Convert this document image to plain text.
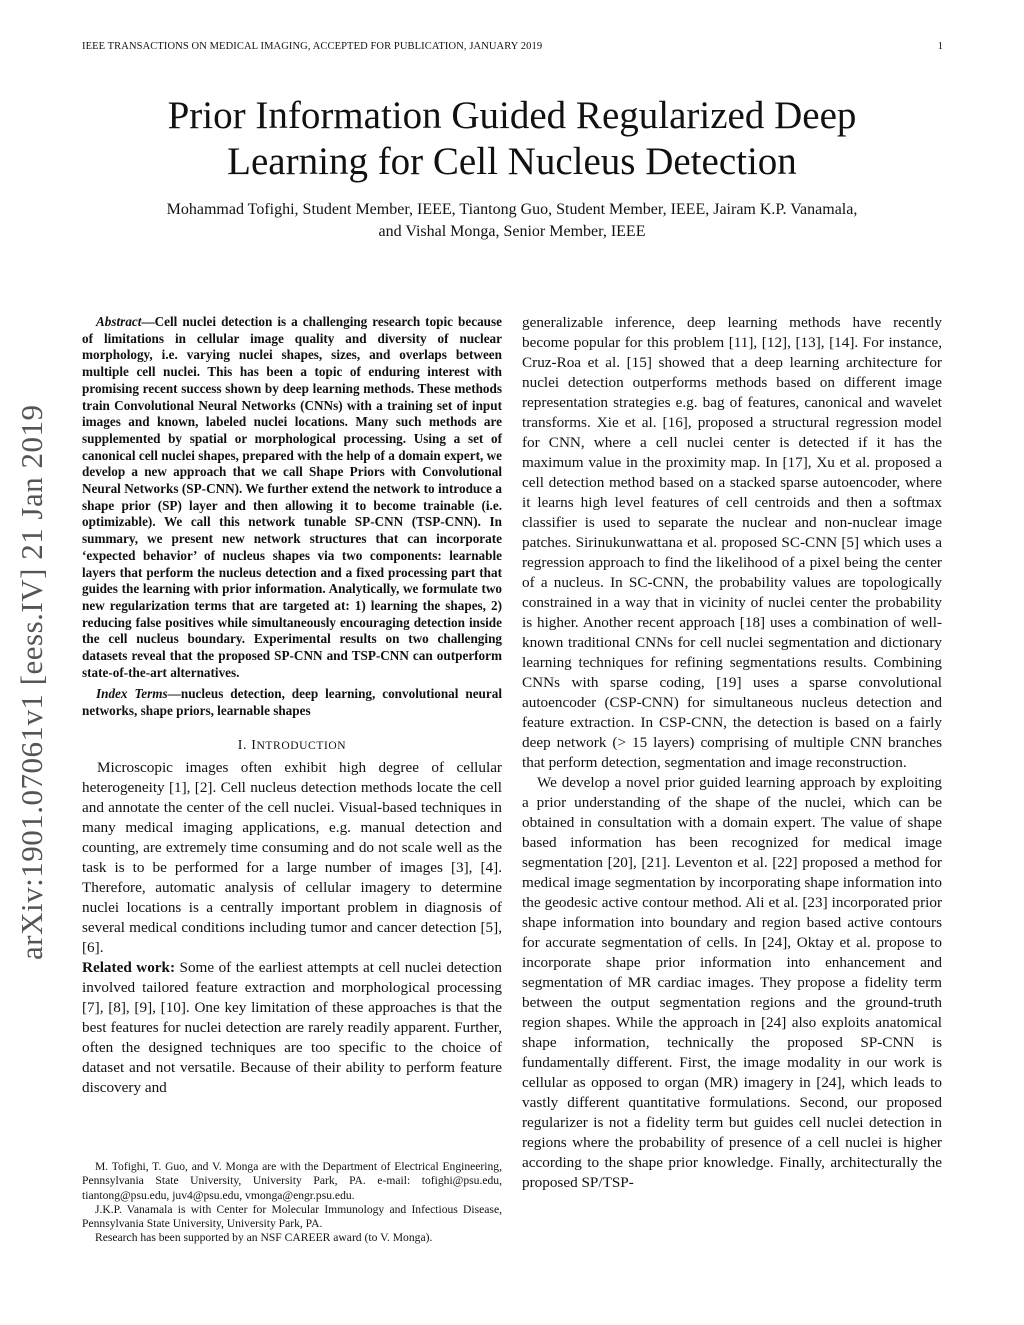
IEEE TRANSACTIONS ON MEDICAL IMAGING, ACCEPTED FOR PUBLICATION, JANUARY 2019	1
Prior Information Guided Regularized Deep
Learning for Cell Nucleus Detection
Mohammad Tofighi, Student Member, IEEE, Tiantong Guo, Student Member, IEEE, Jairam K.P. Vanamala,
and Vishal Monga, Senior Member, IEEE
arXiv:1901.07061v1 [eess.IV] 21 Jan 2019

Abstract—Cell nuclei detection is a challenging research topic because of limitations in cellular image quality and diversity of nuclear morphology, i.e. varying nuclei shapes, sizes, and overlaps between multiple cell nuclei. This has been a topic of enduring interest with promising recent success shown by deep learning methods. These methods train Convolutional Neural Networks (CNNs) with a training set of input images and known, labeled nuclei locations. Many such methods are supplemented by spatial or morphological processing. Using a set of canonical cell nuclei shapes, prepared with the help of a domain expert, we develop a new approach that we call Shape Priors with Convolutional Neural Networks (SP-CNN). We further extend the network to introduce a shape prior (SP) layer and then allowing it to become trainable (i.e. optimizable). We call this network tunable SP-CNN (TSP-CNN). In summary, we present new network structures that can incorporate ‘expected behavior’ of nucleus shapes via two components: learnable layers that perform the nucleus detection and a fixed processing part that guides the learning with prior information. Analytically, we formulate two new regularization terms that are targeted at: 1) learning the shapes, 2) reducing false positives while simultaneously encouraging detection inside the cell nucleus boundary. Experimental results on two challenging datasets reveal that the proposed SP-CNN and TSP-CNN can outperform state-of-the-art alternatives.

Index Terms—nucleus detection, deep learning, convolutional neural networks, shape priors, learnable shapes

I. INTRODUCTION

Microscopic images often exhibit high degree of cellular heterogeneity [1], [2]. Cell nucleus detection methods locate the cell and annotate the center of the cell nuclei. Visual-based techniques in many medical imaging applications, e.g. manual detection and counting, are extremely time consuming and do not scale well as the task is to be performed for a large number of images [3], [4]. Therefore, automatic analysis of cellular imagery to determine nuclei locations is a centrally important problem in diagnosis of several medical conditions including tumor and cancer detection [5], [6].

Related work: Some of the earliest attempts at cell nuclei detection involved tailored feature extraction and morphological processing [7], [8], [9], [10]. One key limitation of these approaches is that the best features for nuclei detection are rarely readily apparent. Further, often the designed techniques are too specific to the choice of dataset and not versatile. Because of their ability to perform feature discovery and

M. Tofighi, T. Guo, and V. Monga are with the Department of Electrical Engineering, Pennsylvania State University, University Park, PA. e-mail: tofighi@psu.edu, tiantong@psu.edu, juv4@psu.edu, vmonga@engr.psu.edu.

J.K.P. Vanamala is with Center for Molecular Immunology and Infectious Disease, Pennsylvania State University, University Park, PA.

Research has been supported by an NSF CAREER award (to V. Monga).

generalizable inference, deep learning methods have recently become popular for this problem [11], [12], [13], [14]. For instance, Cruz-Roa et al. [15] showed that a deep learning architecture for nuclei detection outperforms methods based on different image representation strategies e.g. bag of features, canonical and wavelet transforms. Xie et al. [16], proposed a structural regression model for CNN, where a cell nuclei center is detected if it has the maximum value in the proximity map. In [17], Xu et al. proposed a cell detection method based on a stacked sparse autoencoder, where it learns high level features of cell centroids and then a softmax classifier is used to separate the nuclear and non-nuclear image patches. Sirinukunwattana et al. proposed SC-CNN [5] which uses a regression approach to find the likelihood of a pixel being the center of a nucleus. In SC-CNN, the probability values are topologically constrained in a way that in vicinity of nuclei center the probability is higher. Another recent approach [18] uses a combination of well-known traditional CNNs for cell nuclei segmentation and dictionary learning techniques for refining segmentations results. Combining CNNs with sparse coding, [19] uses a sparse convolutional autoencoder (CSP-CNN) for simultaneous nucleus detection and feature extraction. In CSP-CNN, the detection is based on a fairly deep network (> 15 layers) comprising of multiple CNN branches that perform detection, segmentation and image reconstruction.

We develop a novel prior guided learning approach by exploiting a prior understanding of the shape of the nuclei, which can be obtained in consultation with a domain expert. The value of shape based information has been recognized for medical image segmentation [20], [21]. Leventon et al. [22] proposed a method for medical image segmentation by incorporating shape information into the geodesic active contour method. Ali et al. [23] incorporated prior shape information into boundary and region based active contours for accurate segmentation of cells. In [24], Oktay et al. propose to incorporate shape prior information into enhancement and segmentation of MR cardiac images. They propose a fidelity term between the output segmentation regions and the ground-truth region shapes. While the approach in [24] also exploits anatomical shape information, technically the proposed SP-CNN is fundamentally different. First, the image modality in our work is cellular as opposed to organ (MR) imagery in [24], which leads to vastly different quantitative formulations. Second, our proposed regularizer is not a fidelity term but guides cell nuclei detection in regions where the probability of presence of a cell nuclei is higher according to the shape prior knowledge. Finally, architecturally the proposed SP/TSP-
